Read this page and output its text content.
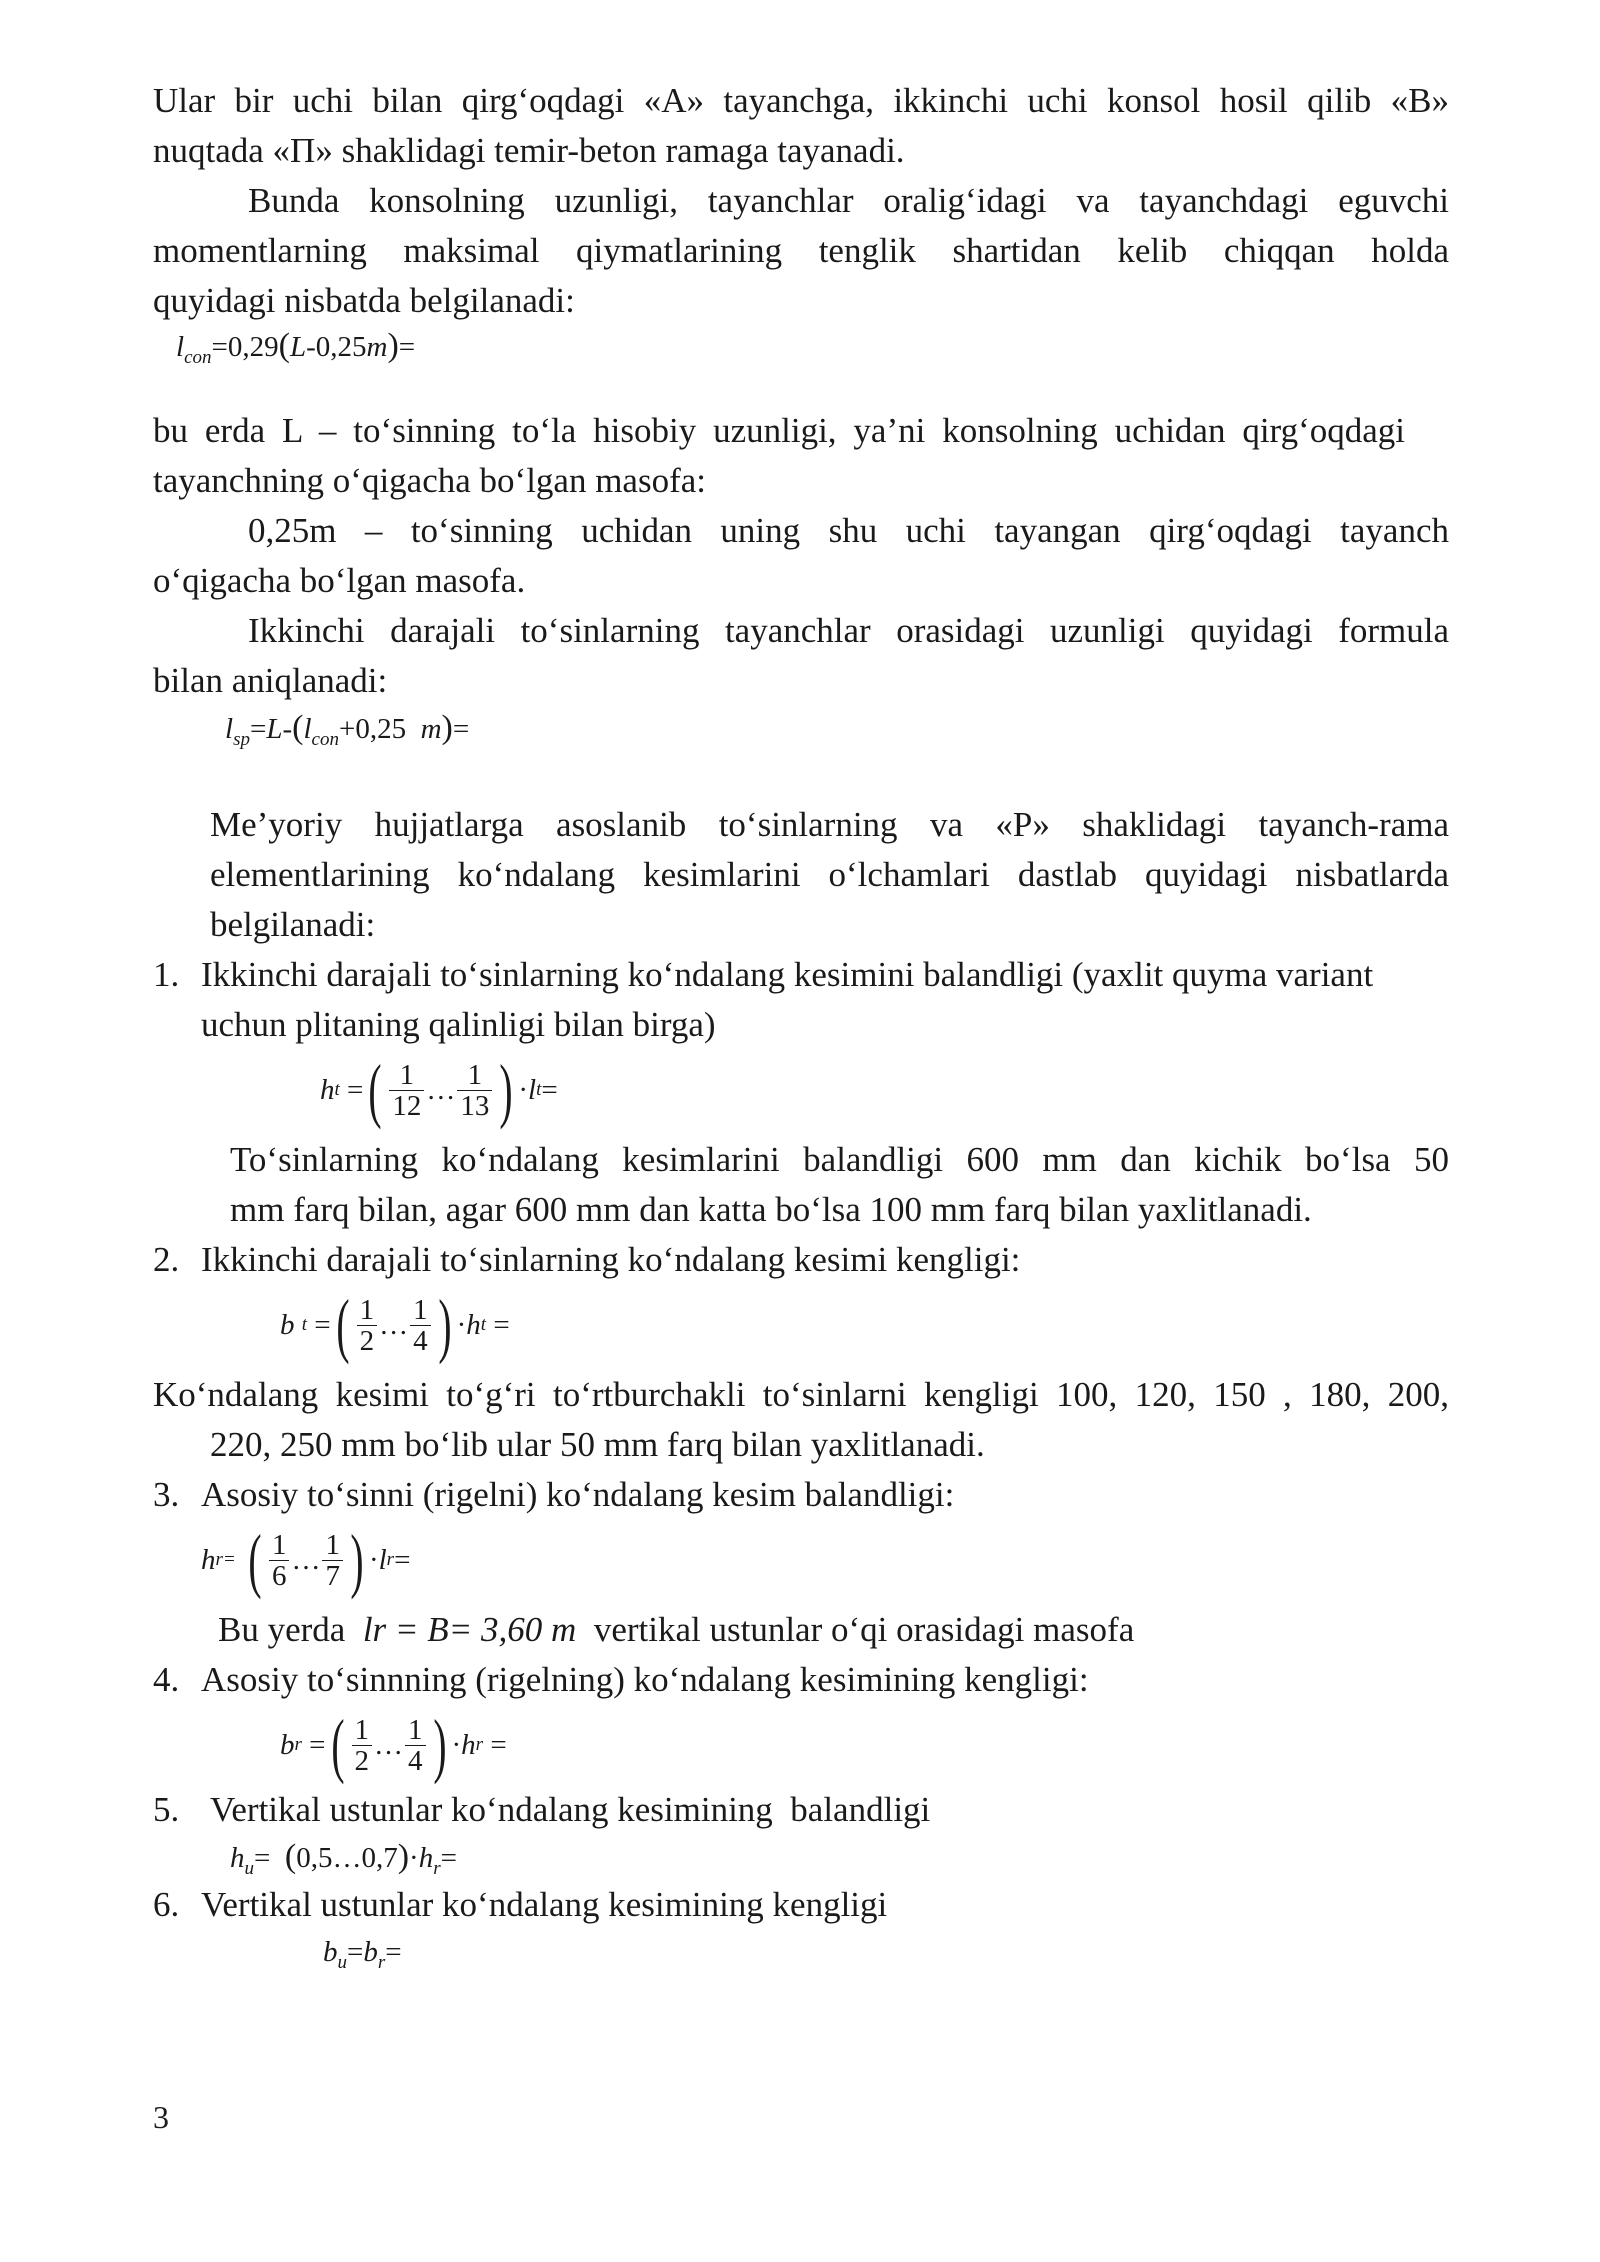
Ular bir uchi bilan qirg‘oqdagi «A» tayanchga, ikkinchi uchi konsol hosil qilib «B»

nuqtada «П» shaklidagi temir-beton ramaga tayanadi.

Bunda konsolning uzunligi, tayanchlar oralig‘idagi va tayanchdagi eguvchi

momentlarning maksimal qiymatlarining tenglik shartidan kelib chiqqan holda

quyidagi nisbatda belgilanadi:

$l_{con}=0,29(L-0,25m)=$

bu erda L – to‘sinning to‘la hisobiy uzunligi, ya’ni konsolning uchidan qirg‘oqdagi

tayanchning o‘qigacha bo‘lgan masofa:

0,25m – to‘sinning uchidan uning shu uchi tayangan qirg‘oqdagi tayanch

o‘qigacha bo‘lgan masofa.

Ikkinchi darajali to‘sinlarning tayanchlar orasidagi uzunligi quyidagi formula

bilan aniqlanadi:

$l_{sp}=L-(l_{con}+0,25$  m)=

Me’yoriy hujjatlarga asoslanib to‘sinlarning va «P» shaklidagi tayanch-rama

elementlarining ko‘ndalang kesimlarini o‘lchamlari dastlab quyidagi nisbatlarda

belgilanadi:

1. Ikkinchi darajali to‘sinlarning ko‘ndalang kesimini balandligi (yaxlit quyma variant

uchun plitaning qalinligi bilan birga)

h t = ( $\frac{1}{12}$ … $\frac{1}{13}$ ) · l t =

To‘sinlarning ko‘ndalang kesimlarini balandligi 600 mm dan kichik bo‘lsa 50

mm farq bilan, agar 600 mm dan katta bo‘lsa 100 mm farq bilan yaxlitlanadi.

2. Ikkinchi darajali to‘sinlarning ko‘ndalang kesimi kengligi:

b
t = ( $\frac{1}{2}$ … $\frac{1}{4}$ ) · h t =

Ko‘ndalang kesimi to‘g‘ri to‘rtburchakli to‘sinlarni kengligi 100, 120, 150 , 180, 200,

220, 250 mm bo‘lib ular 50 mm farq bilan yaxlitlanadi.

3. Asosiy to‘sinni (rigelni) ko‘ndalang kesim balandligi:

h r=
( $\frac{1}{6}$ … $\frac{1}{7}$ ) · l r =

Bu yerda lr = B= 3,60 m vertikal ustunlar o‘qi orasidagi masofa

4. Asosiy to‘sinnning (rigelning) ko‘ndalang kesimining kengligi:

b r = ( $\frac{1}{2}$ … $\frac{1}{4}$ ) · h r =
5. Vertikal ustunlar ko‘ndalang kesimining  balandligi

$h_u=$  $(0,5\dots 0,7)\cdot h_r=$
6. Vertikal ustunlar ko‘ndalang kesimining kengligi

$b_u=b_r=$
3
